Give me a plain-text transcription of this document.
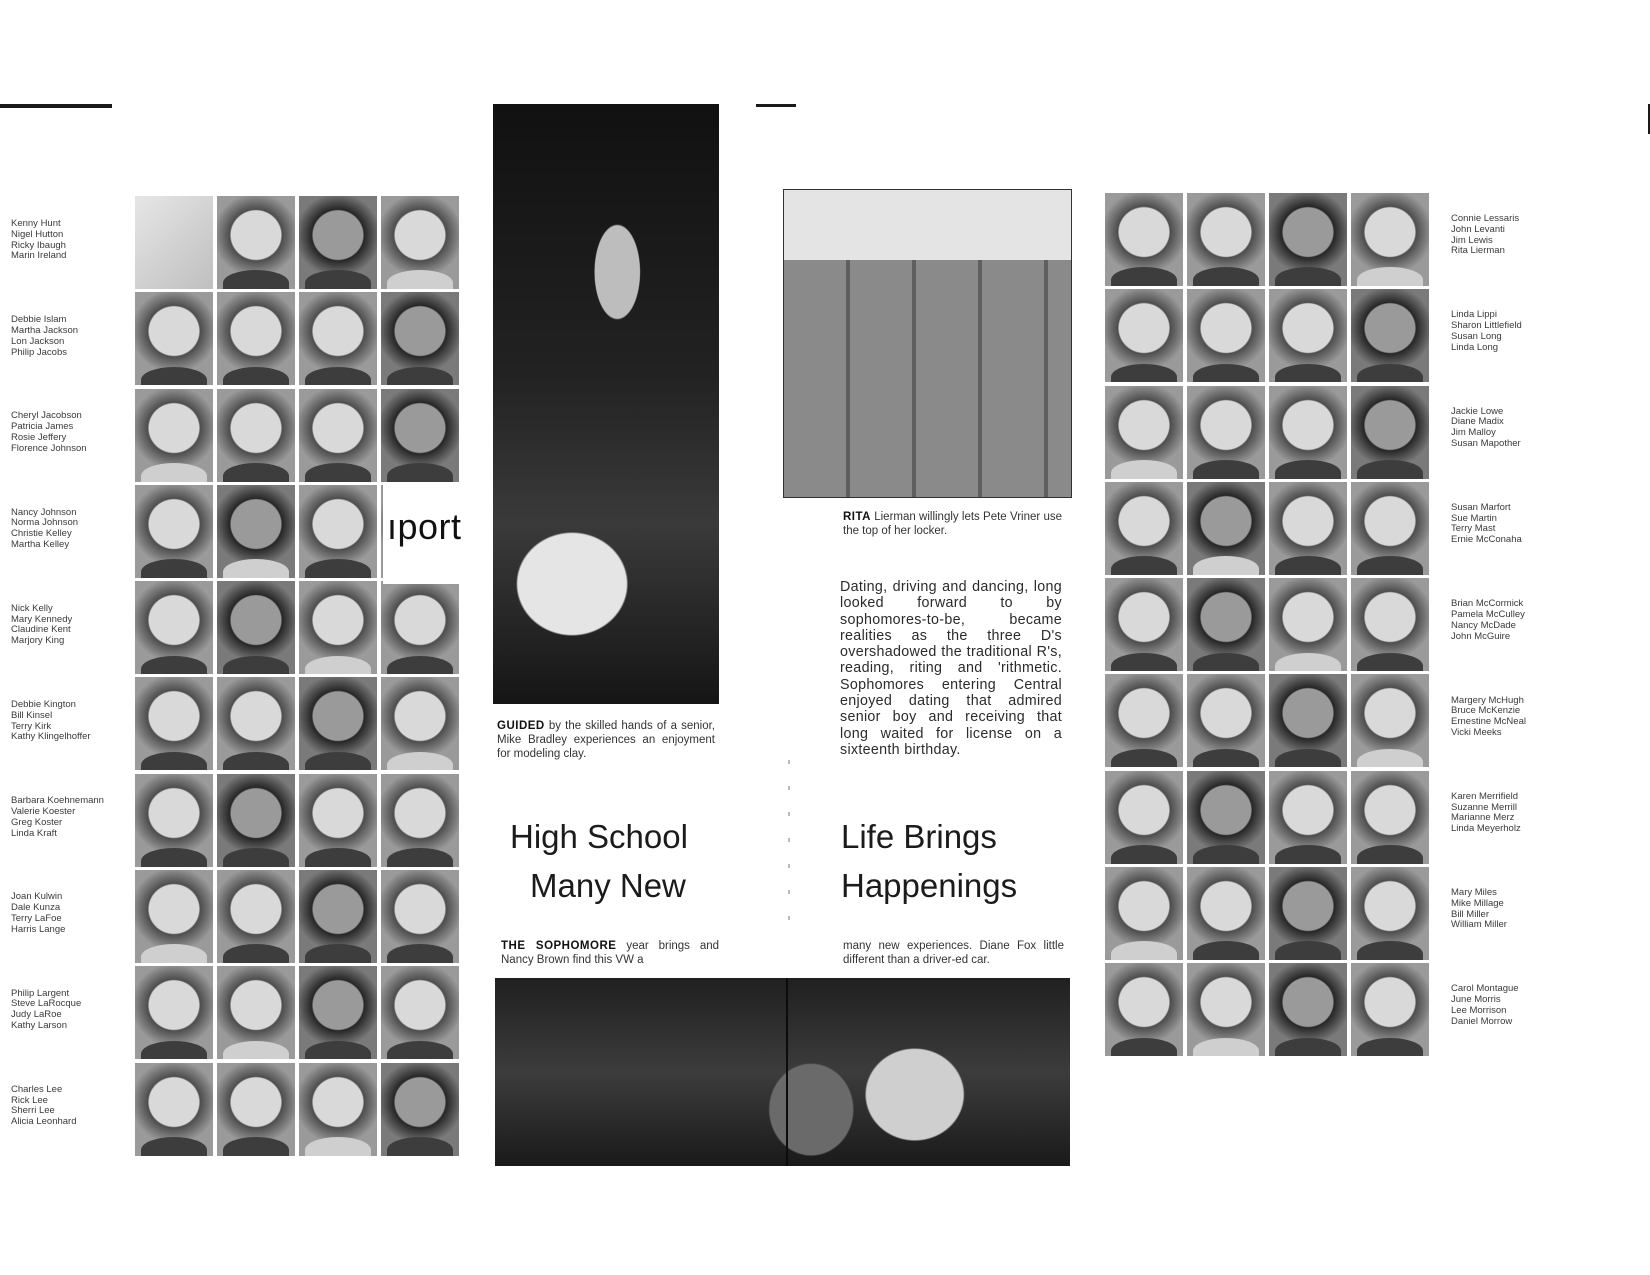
Kenny Hunt
Nigel Hutton
Ricky Ibaugh
Marin Ireland
Debbie Islam
Martha Jackson
Lon Jackson
Philip Jacobs
Cheryl Jacobson
Patricia James
Rosie Jeffery
Florence Johnson
Nancy Johnson
Norma Johnson
Christie Kelley
Martha Kelley
Nick Kelly
Mary Kennedy
Claudine Kent
Marjory King
Debbie Kington
Bill Kinsel
Terry Kirk
Kathy Klingelhoffer
Barbara Koehnemann
Valerie Koester
Greg Koster
Linda Kraft
Joan Kulwin
Dale Kunza
Terry LaFoe
Harris Lange
Philip Largent
Steve LaRocque
Judy LaRoe
Kathy Larson
Charles Lee
Rick Lee
Sherri Lee
Alicia Leonhard
ıport
Connie Lessaris
John Levanti
Jim Lewis
Rita Lierman
Linda Lippi
Sharon Littlefield
Susan Long
Linda Long
Jackie Lowe
Diane Madix
Jim Malloy
Susan Mapother
Susan Marfort
Sue Martin
Terry Mast
Ernie McConaha
Brian McCormick
Pamela McCulley
Nancy McDade
John McGuire
Margery McHugh
Bruce McKenzie
Ernestine McNeal
Vicki Meeks
Karen Merrifield
Suzanne Merrill
Marianne Merz
Linda Meyerholz
Mary Miles
Mike Millage
Bill Miller
William Miller
Carol Montague
June Morris
Lee Morrison
Daniel Morrow
GUIDED by the skilled hands of a senior, Mike Bradley experiences an enjoyment for modeling clay.
RITA Lierman willingly lets Pete Vriner use the top of her locker.
THE SOPHOMORE year brings and Nancy Brown find this VW a
many new experiences. Diane Fox little different than a driver-ed car.
Dating, driving and dancing, long looked forward to by sophomores-to-be, became realities as the three D's overshadowed the traditional R's, reading, riting and 'rithmetic. Sophomores entering Central enjoyed dating that admired senior boy and receiving that long waited for license on a sixteenth birthday.
High School	Life Brings
Many New	Happenings
